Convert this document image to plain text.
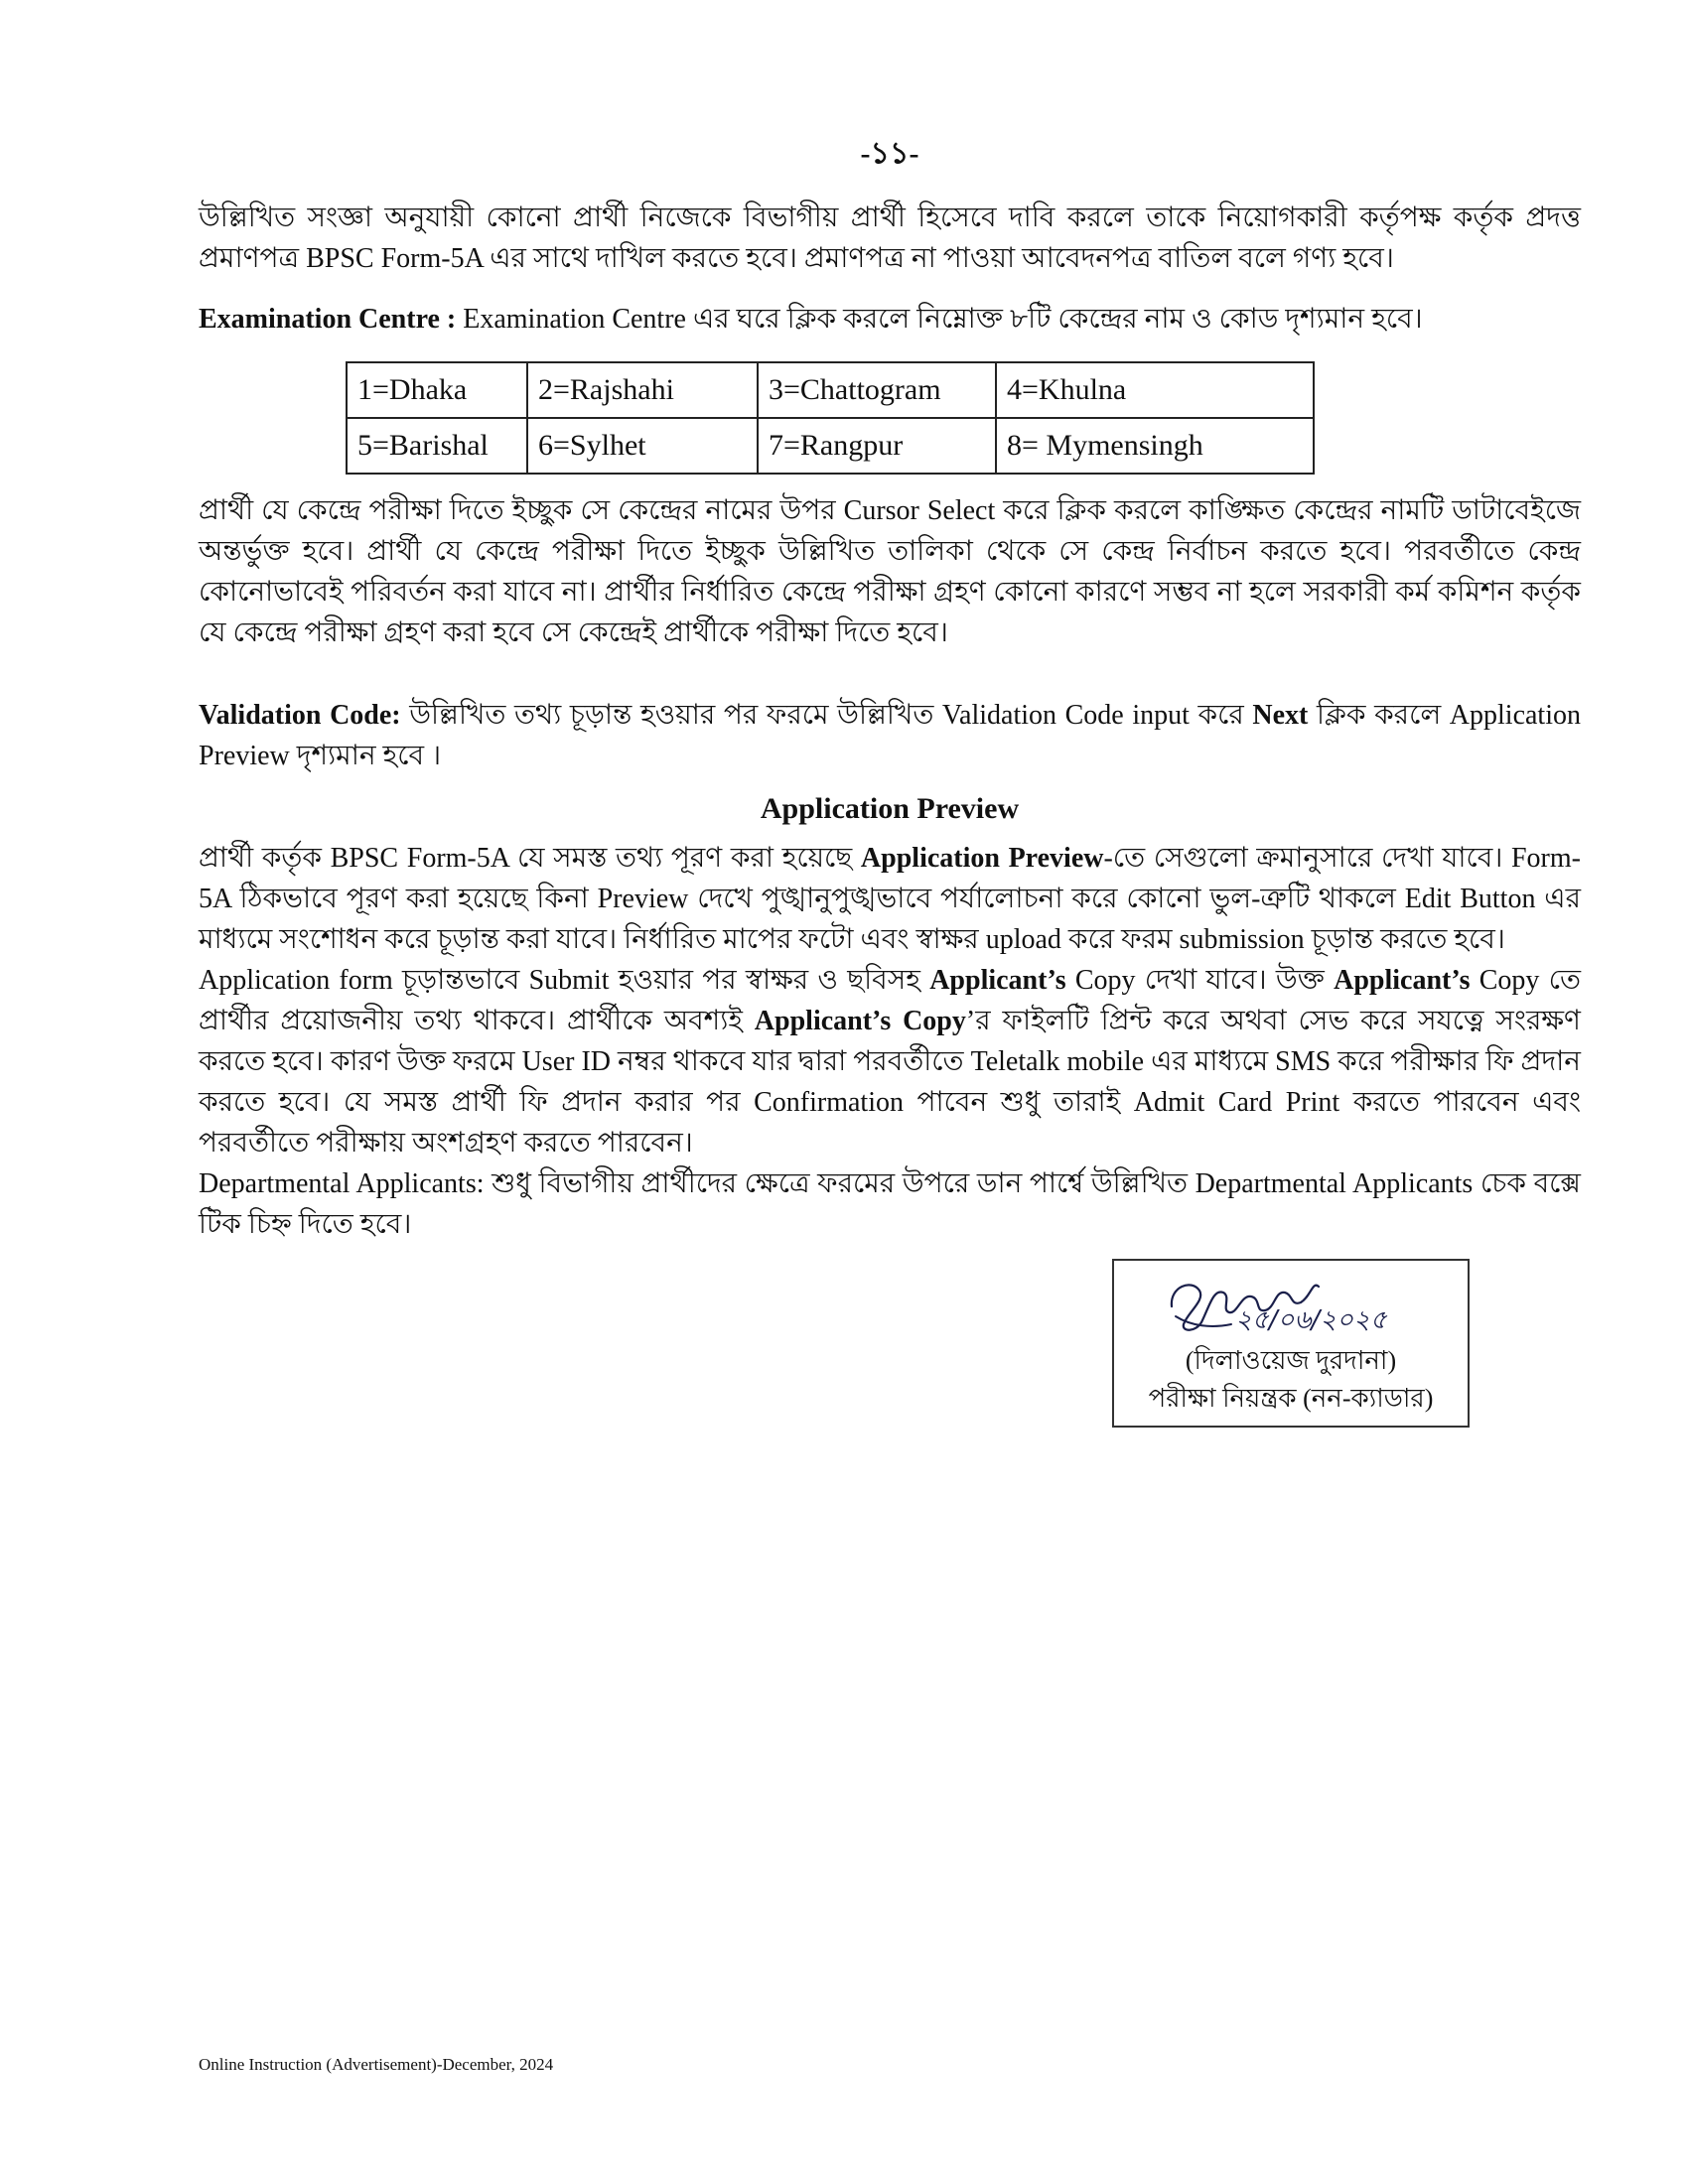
-১১-

উল্লিখিত সংজ্ঞা অনুযায়ী কোনো প্রার্থী নিজেকে বিভাগীয় প্রার্থী হিসেবে দাবি করলে তাকে নিয়োগকারী কর্তৃপক্ষ কর্তৃক প্রদত্ত প্রমাণপত্র BPSC Form-5A এর সাথে দাখিল করতে হবে। প্রমাণপত্র না পাওয়া আবেদনপত্র বাতিল বলে গণ্য হবে।

Examination Centre : Examination Centre এর ঘরে ক্লিক করলে নিম্নোক্ত ৮টি কেন্দ্রের নাম ও কোড দৃশ্যমান হবে।

1=Dhaka	2=Rajshahi	3=Chattogram	4=Khulna
5=Barishal	6=Sylhet	7=Rangpur	8= Mymensingh

প্রার্থী যে কেন্দ্রে পরীক্ষা দিতে ইচ্ছুক সে কেন্দ্রের নামের উপর Cursor Select করে ক্লিক করলে কাঙ্ক্ষিত কেন্দ্রের নামটি ডাটাবেইজে অন্তর্ভুক্ত হবে। প্রার্থী যে কেন্দ্রে পরীক্ষা দিতে ইচ্ছুক উল্লিখিত তালিকা থেকে সে কেন্দ্র নির্বাচন করতে হবে। পরবর্তীতে কেন্দ্র কোনোভাবেই পরিবর্তন করা যাবে না। প্রার্থীর নির্ধারিত কেন্দ্রে পরীক্ষা গ্রহণ কোনো কারণে সম্ভব না হলে সরকারী কর্ম কমিশন কর্তৃক যে কেন্দ্রে পরীক্ষা গ্রহণ করা হবে সে কেন্দ্রেই প্রার্থীকে পরীক্ষা দিতে হবে।

Validation Code: উল্লিখিত তথ্য চূড়ান্ত হওয়ার পর ফরমে উল্লিখিত Validation Code input করে Next ক্লিক করলে Application Preview দৃশ্যমান হবে ।

Application Preview

প্রার্থী কর্তৃক BPSC Form-5A যে সমস্ত তথ্য পূরণ করা হয়েছে Application Preview-তে সেগুলো ক্রমানুসারে দেখা যাবে। Form-5A ঠিকভাবে পূরণ করা হয়েছে কিনা Preview দেখে পুঙ্খানুপুঙ্খভাবে পর্যালোচনা করে কোনো ভুল-ত্রুটি থাকলে Edit Button এর মাধ্যমে সংশোধন করে চূড়ান্ত করা যাবে। নির্ধারিত মাপের ফটো এবং স্বাক্ষর upload করে ফরম submission চূড়ান্ত করতে হবে।

Application form চূড়ান্তভাবে Submit হওয়ার পর স্বাক্ষর ও ছবিসহ Applicant’s Copy দেখা যাবে। উক্ত Applicant’s Copy তে প্রার্থীর প্রয়োজনীয় তথ্য থাকবে। প্রার্থীকে অবশ্যই Applicant’s Copy’র ফাইলটি প্রিন্ট করে অথবা সেভ করে সযত্নে সংরক্ষণ করতে হবে। কারণ উক্ত ফরমে User ID নম্বর থাকবে যার দ্বারা পরবর্তীতে Teletalk mobile এর মাধ্যমে SMS করে পরীক্ষার ফি প্রদান করতে হবে। যে সমস্ত প্রার্থী ফি প্রদান করার পর Confirmation পাবেন শুধু তারাই Admit Card Print করতে পারবেন এবং পরবর্তীতে পরীক্ষায় অংশগ্রহণ করতে পারবেন।

Departmental Applicants: শুধু বিভাগীয় প্রার্থীদের ক্ষেত্রে ফরমের উপরে ডান পার্শ্বে উল্লিখিত Departmental Applicants চেক বক্সে টিক চিহ্ন দিতে হবে।

২৫/০৬/২০২৫
(দিলাওয়েজ দুরদানা)
পরীক্ষা নিয়ন্ত্রক (নন-ক্যাডার)
Online Instruction (Advertisement)-December, 2024
